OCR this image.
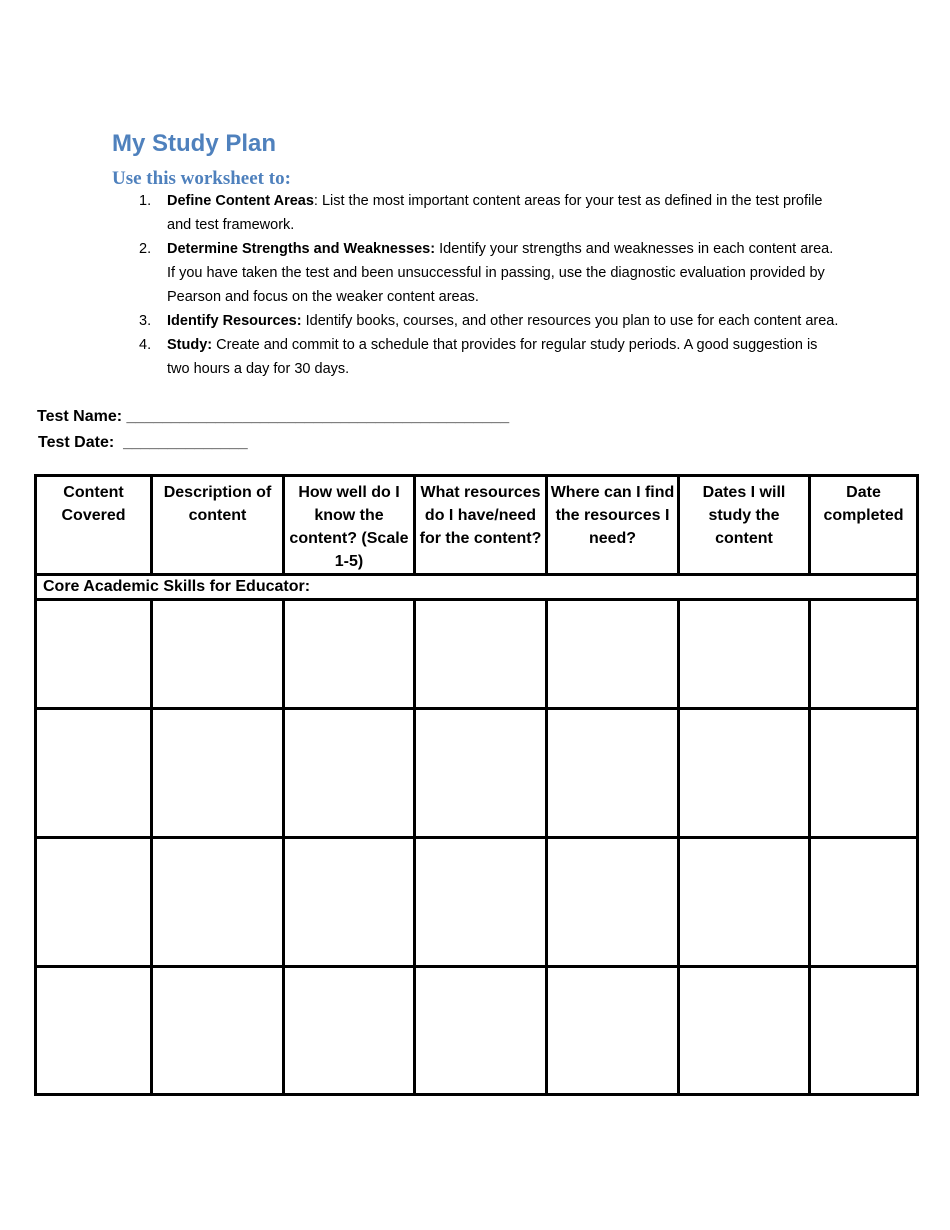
My Study Plan
Use this worksheet to:
1. Define Content Areas: List the most important content areas for your test as defined in the test profile and test framework.
2. Determine Strengths and Weaknesses: Identify your strengths and weaknesses in each content area. If you have taken the test and been unsuccessful in passing, use the diagnostic evaluation provided by Pearson and focus on the weaker content areas.
3. Identify Resources: Identify books, courses, and other resources you plan to use for each content area.
4. Study: Create and commit to a schedule that provides for regular study periods. A good suggestion is two hours a day for 30 days.
Test Name: ___________________________________________
Test Date: ______________
Content Covered	Description of content	How well do I know the content? (Scale 1-5)	What resources do I have/need for the content?	Where can I find the resources I need?	Dates I will study the content	Date completed
Core Academic Skills for Educator:						
